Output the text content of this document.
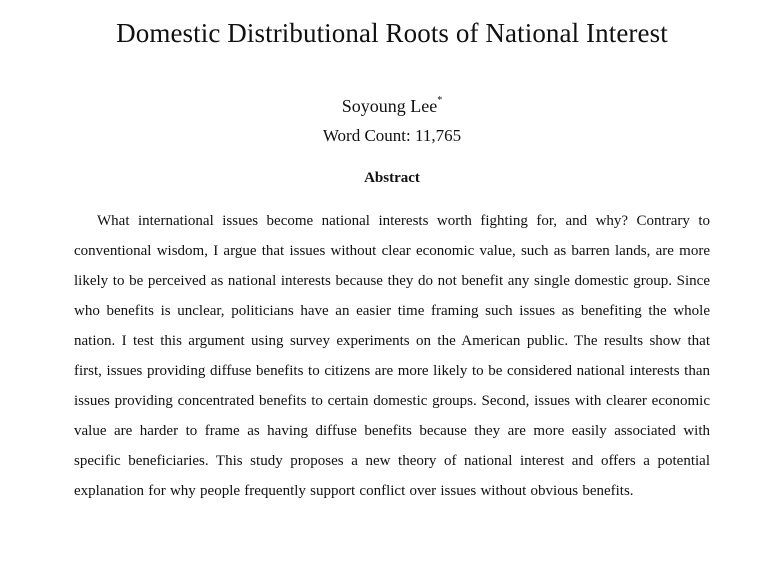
Domestic Distributional Roots of National Interest
Soyoung Lee*
Word Count: 11,765
Abstract

What international issues become national interests worth fighting for, and why? Contrary to conventional wisdom, I argue that issues without clear economic value, such as barren lands, are more likely to be perceived as national interests because they do not benefit any single domestic group. Since who benefits is unclear, politicians have an easier time framing such issues as benefiting the whole nation. I test this argument using survey experiments on the American public. The results show that first, issues providing diffuse benefits to citizens are more likely to be considered national interests than issues providing concentrated benefits to certain domestic groups. Second, issues with clearer economic value are harder to frame as having diffuse benefits because they are more easily associated with specific beneficiaries. This study proposes a new theory of national interest and offers a potential explanation for why people frequently support conflict over issues without obvious benefits.
